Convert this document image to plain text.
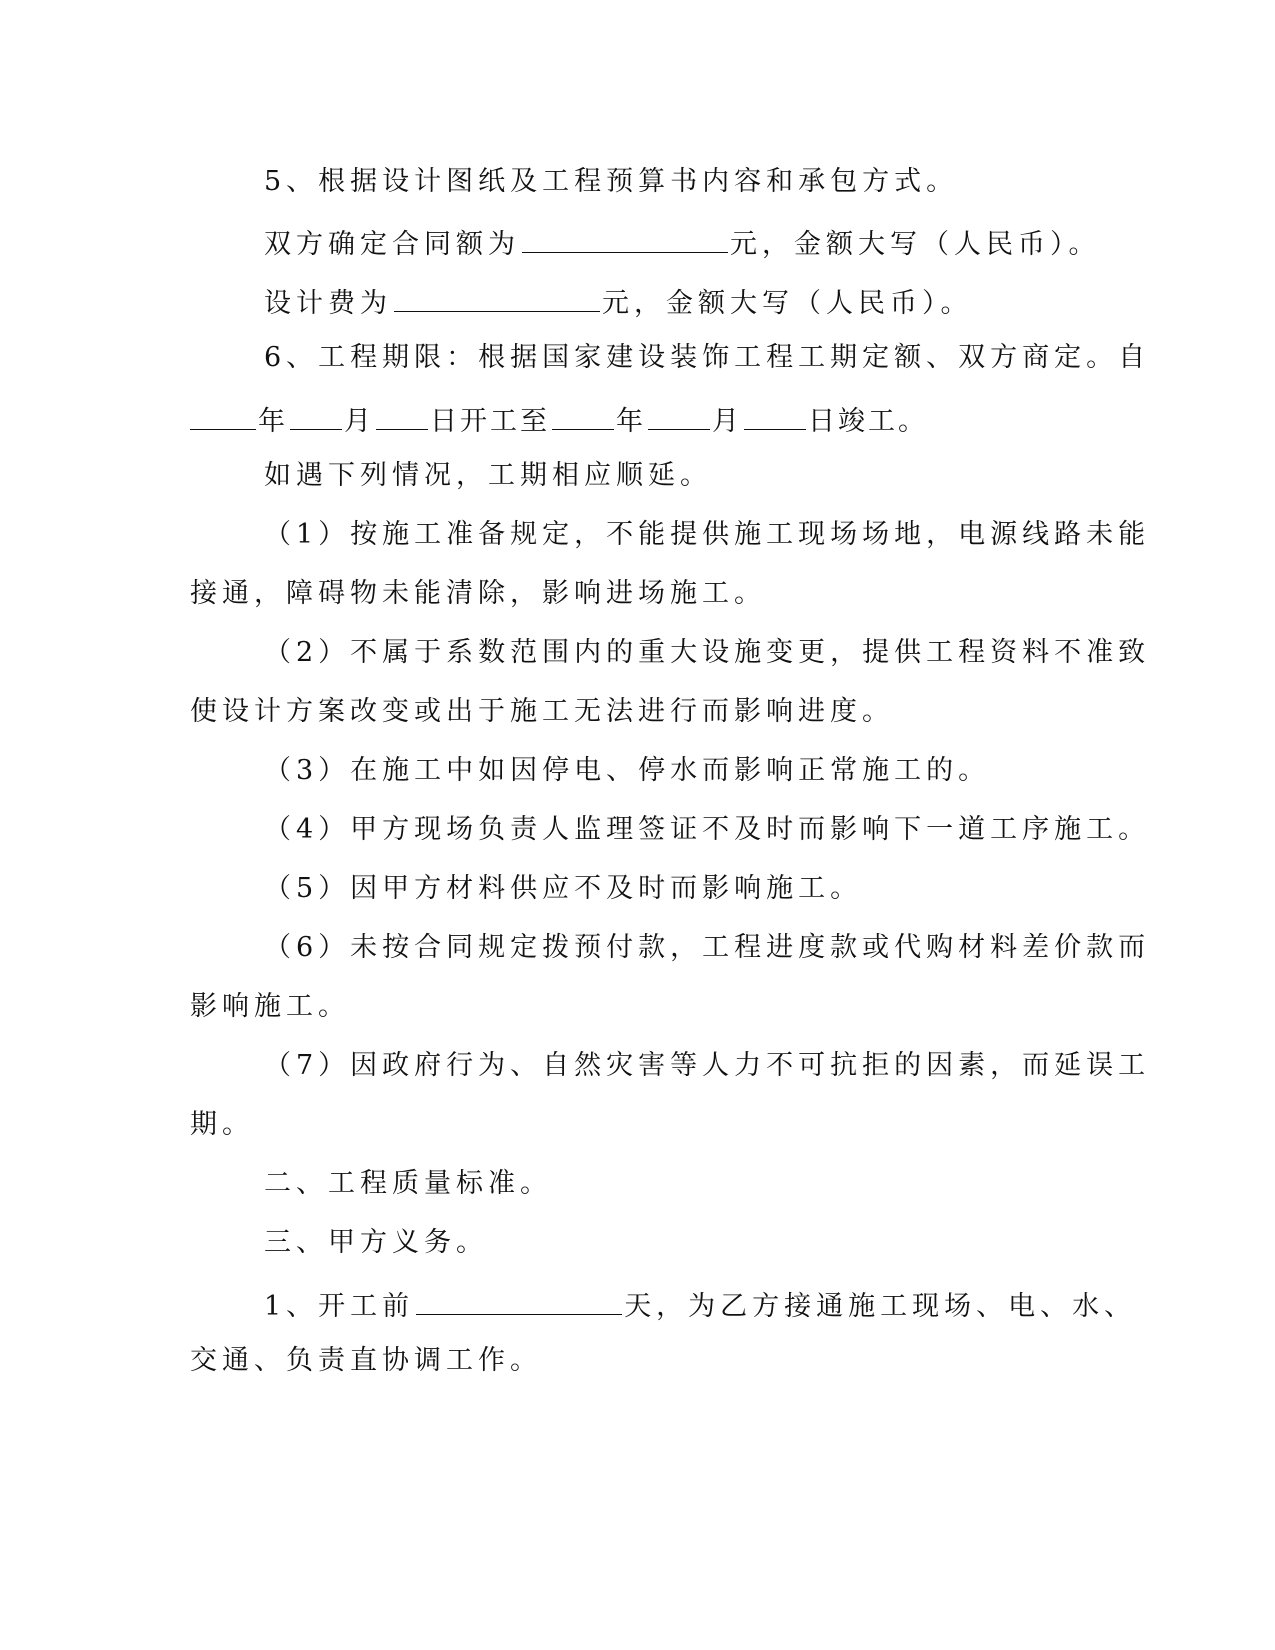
5、根据设计图纸及工程预算书内容和承包方式。

双方确定合同额为	元，金额大写（人民币）。

设计费为	元，金额大写（人民币）。

6、工程期限：根据国家建设装饰工程工期定额、双方商定。自

年 月 日开工至 年 月 日竣工。

如遇下列情况，工期相应顺延。

（1）按施工准备规定，不能提供施工现场场地，电源线路未能

接通，障碍物未能清除，影响进场施工。

（2）不属于系数范围内的重大设施变更，提供工程资料不准致

使设计方案改变或出于施工无法进行而影响进度。

（3）在施工中如因停电、停水而影响正常施工的。

（4）甲方现场负责人监理签证不及时而影响下一道工序施工。

（5）因甲方材料供应不及时而影响施工。

（6）未按合同规定拨预付款，工程进度款或代购材料差价款而

影响施工。

（7）因政府行为、自然灾害等人力不可抗拒的因素，而延误工

期。

二、工程质量标准。

三、甲方义务。

1、开工前	天，为乙方接通施工现场、电、水、

交通、负责直协调工作。
